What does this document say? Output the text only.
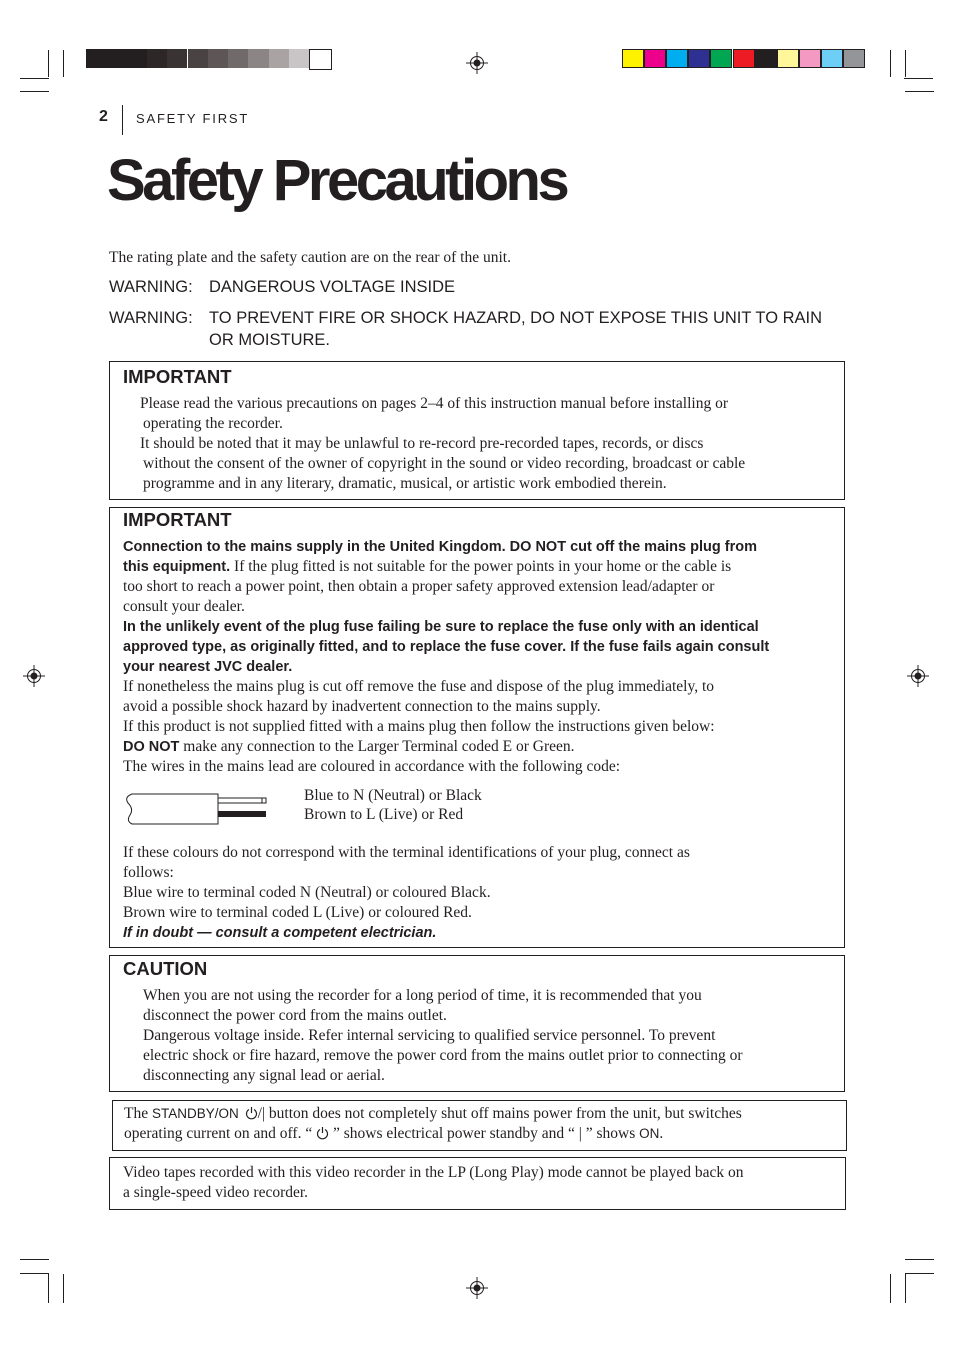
2 SAFETY FIRST
Safety Precautions
The rating plate and the safety caution are on the rear of the unit.
WARNING: DANGEROUS VOLTAGE INSIDE
WARNING: TO PREVENT FIRE OR SHOCK HAZARD, DO NOT EXPOSE THIS UNIT TO RAIN

OR MOISTURE.

IMPORTANT

Please read the various precautions on pages 2–4 of this instruction manual before installing or

operating the recorder.

It should be noted that it may be unlawful to re-record pre-recorded tapes, records, or discs

without the consent of the owner of copyright in the sound or video recording, broadcast or cable

programme and in any literary, dramatic, musical, or artistic work embodied therein.

IMPORTANT

Connection to the mains supply in the United Kingdom. DO NOT cut off the mains plug from

this equipment. If the plug fitted is not suitable for the power points in your home or the cable is

too short to reach a power point, then obtain a proper safety approved extension lead/adapter or

consult your dealer.

In the unlikely event of the plug fuse failing be sure to replace the fuse only with an identical

approved type, as originally fitted, and to replace the fuse cover. If the fuse fails again consult

your nearest JVC dealer.

If nonetheless the mains plug is cut off remove the fuse and dispose of the plug immediately, to

avoid a possible shock hazard by inadvertent connection to the mains supply.

If this product is not supplied fitted with a mains plug then follow the instructions given below:

DO NOT make any connection to the Larger Terminal coded E or Green.

The wires in the mains lead are coloured in accordance with the following code:

Blue to N (Neutral) or Black

Brown to L (Live) or Red

If these colours do not correspond with the terminal identifications of your plug, connect as

follows:

Blue wire to terminal coded N (Neutral) or coloured Black.

Brown wire to terminal coded L (Live) or coloured Red.

If in doubt — consult a competent electrician.

CAUTION

When you are not using the recorder for a long period of time, it is recommended that you

disconnect the power cord from the mains outlet.

Dangerous voltage inside. Refer internal servicing to qualified service personnel. To prevent

electric shock or fire hazard, remove the power cord from the mains outlet prior to connecting or

disconnecting any signal lead or aerial.

The STANDBY/ON /| button does not completely shut off mains power from the unit, but switches

operating current on and off. “  ” shows electrical power standby and “ | ” shows ON.

Video tapes recorded with this video recorder in the LP (Long Play) mode cannot be played back on

a single-speed video recorder.
